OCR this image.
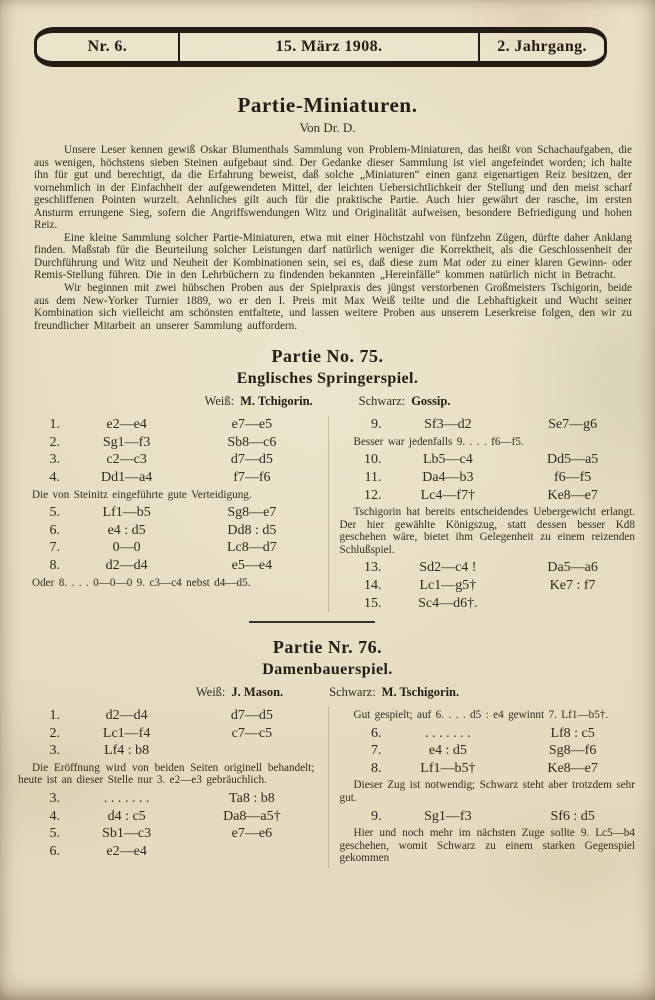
Nr. 6.	15. März 1908.	2. Jahrgang.
Partie-Miniaturen.
Von Dr. D.

Unsere Leser kennen gewiß Oskar Blumenthals Sammlung von Problem-Miniaturen, das heißt von Schachaufgaben, die aus wenigen, höchstens sieben Steinen aufgebaut sind. Der Gedanke dieser Sammlung ist viel angefeindet worden; ich halte ihn für gut und berechtigt, da die Erfahrung beweist, daß solche „Miniaturen“ einen ganz eigenartigen Reiz besitzen, der vornehmlich in der Einfachheit der aufgewendeten Mittel, der leichten Uebersichtlichkeit der Stellung und den meist scharf geschliffenen Pointen wurzelt. Aehnliches gilt auch für die praktische Partie. Auch hier gewährt der rasche, im ersten Ansturm errungene Sieg, sofern die Angriffswendungen Witz und Originalität aufweisen, besondere Befriedigung und hohen Reiz.

Eine kleine Sammlung solcher Partie-Miniaturen, etwa mit einer Höchstzahl von fünfzehn Zügen, dürfte daher Anklang finden. Maßstab für die Beurteilung solcher Leistungen darf natürlich weniger die Korrektheit, als die Geschlossenheit der Durchführung und Witz und Neuheit der Kombinationen sein, sei es, daß diese zum Mat oder zu einer klaren Gewinn- oder Remis-Stellung führen. Die in den Lehrbüchern zu findenden bekannten „Hereinfälle“ kommen natürlich nicht in Betracht.

Wir beginnen mit zwei hübschen Proben aus der Spielpraxis des jüngst verstorbenen Großmeisters Tschigorin, beide aus dem New-Yorker Turnier 1889, wo er den I. Preis mit Max Weiß teilte und die Lebhaftigkeit und Wucht seiner Kombination sich vielleicht am schönsten entfaltete, und lassen weitere Proben aus unserem Leserkreise folgen, den wir zu freundlicher Mitarbeit an unserer Sammlung auffordern.

Partie No. 75.
Englisches Springerspiel.
Weiß: M. Tchigorin.	Schwarz: Gossip.
1.	e2—e4	e7—e5
2.	Sg1—f3	Sb8—c6
3.	c2—c3	d7—d5
4.	Dd1—a4	f7—f6

Die von Steinitz eingeführte gute Verteidigung.

5.	Lf1—b5	Sg8—e7
6.	e4 : d5	Dd8 : d5
7.	0—0	Lc8—d7
8.	d2—d4	e5—e4

Oder 8. . . . 0—0—0 9. c3—c4 nebst d4—d5.

9.	Sf3—d2	Se7—g6

Besser war jedenfalls 9. . . . f6—f5.

10.	Lb5—c4	Dd5—a5
11.	Da4—b3	f6—f5
12.	Lc4—f7†	Ke8—e7

Tschigorin hat bereits entscheidendes Uebergewicht erlangt. Der hier gewählte Königszug, statt dessen besser Kd8 geschehen wäre, bietet ihm Gelegenheit zu einem reizenden Schlußspiel.

13.	Sd2—c4 !	Da5—a6
14.	Lc1—g5†	Ke7 : f7
15.	Sc4—d6†.
Partie Nr. 76.
Damenbauerspiel.
Weiß: J. Mason.	Schwarz: M. Tschigorin.
1.	d2—d4	d7—d5
2.	Lc1—f4	c7—c5
3.	Lf4 : b8

Die Eröffnung wird von beiden Seiten originell behandelt; heute ist an dieser Stelle nur 3. e2—e3 gebräuchlich.

3.	. . . . . . .	Ta8 : b8
4.	d4 : c5	Da8—a5†
5.	Sb1—c3	e7—e6
6.	e2—e4

Gut gespielt; auf 6. . . . d5 : e4 gewinnt 7. Lf1—b5†.

6.	. . . . . . .	Lf8 : c5
7.	e4 : d5	Sg8—f6
8.	Lf1—b5†	Ke8—e7

Dieser Zug ist notwendig; Schwarz steht aber trotzdem sehr gut.

9.	Sg1—f3	Sf6 : d5

Hier und noch mehr im nächsten Zuge sollte 9. Lc5—b4 geschehen, womit Schwarz zu einem starken Gegenspiel gekommen
